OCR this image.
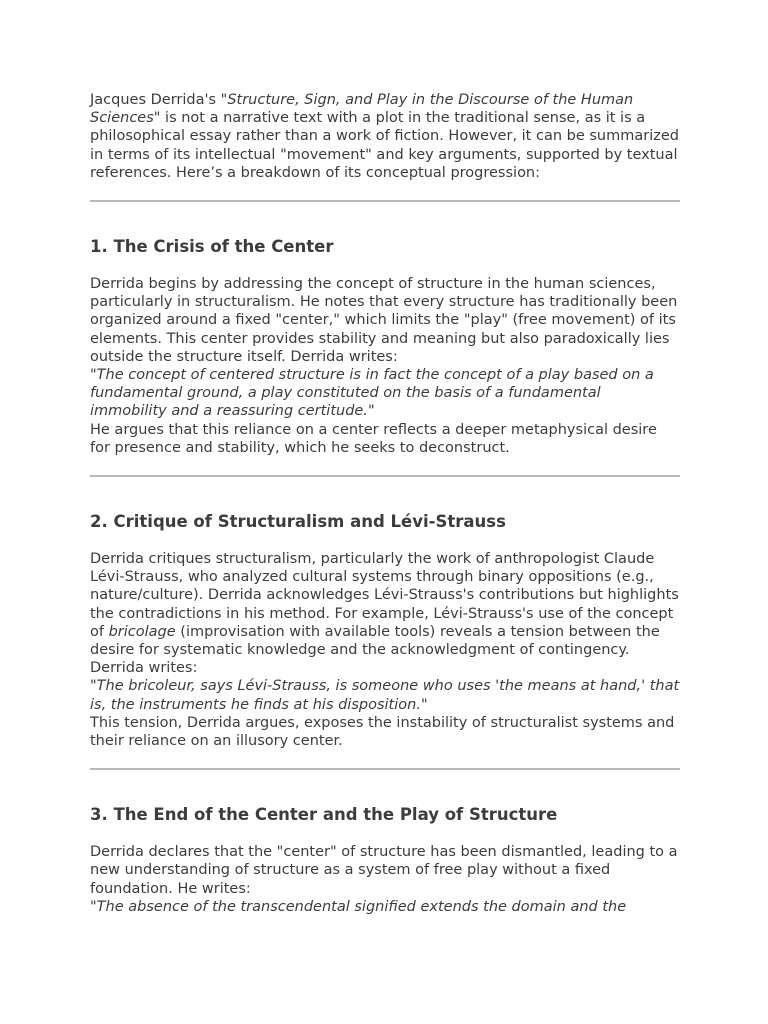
Jacques Derrida's "Structure, Sign, and Play in the Discourse of the Human Sciences" is not a narrative text with a plot in the traditional sense, as it is a philosophical essay rather than a work of fiction. However, it can be summarized in terms of its intellectual "movement" and key arguments, supported by textual references. Here’s a breakdown of its conceptual progression:

1. The Crisis of the Center

Derrida begins by addressing the concept of structure in the human sciences, particularly in structuralism. He notes that every structure has traditionally been organized around a fixed "center," which limits the "play" (free movement) of its elements. This center provides stability and meaning but also paradoxically lies outside the structure itself. Derrida writes:
"The concept of centered structure is in fact the concept of a play based on a fundamental ground, a play constituted on the basis of a fundamental immobility and a reassuring certitude."
He argues that this reliance on a center reflects a deeper metaphysical desire for presence and stability, which he seeks to deconstruct.

2. Critique of Structuralism and Lévi-Strauss

Derrida critiques structuralism, particularly the work of anthropologist Claude Lévi-Strauss, who analyzed cultural systems through binary oppositions (e.g., nature/culture). Derrida acknowledges Lévi-Strauss's contributions but highlights the contradictions in his method. For example, Lévi-Strauss's use of the concept of bricolage (improvisation with available tools) reveals a tension between the desire for systematic knowledge and the acknowledgment of contingency. Derrida writes:
"The bricoleur, says Lévi-Strauss, is someone who uses 'the means at hand,' that is, the instruments he finds at his disposition."
This tension, Derrida argues, exposes the instability of structuralist systems and their reliance on an illusory center.

3. The End of the Center and the Play of Structure

Derrida declares that the "center" of structure has been dismantled, leading to a new understanding of structure as a system of free play without a fixed foundation. He writes:
"The absence of the transcendental signified extends the domain and the
